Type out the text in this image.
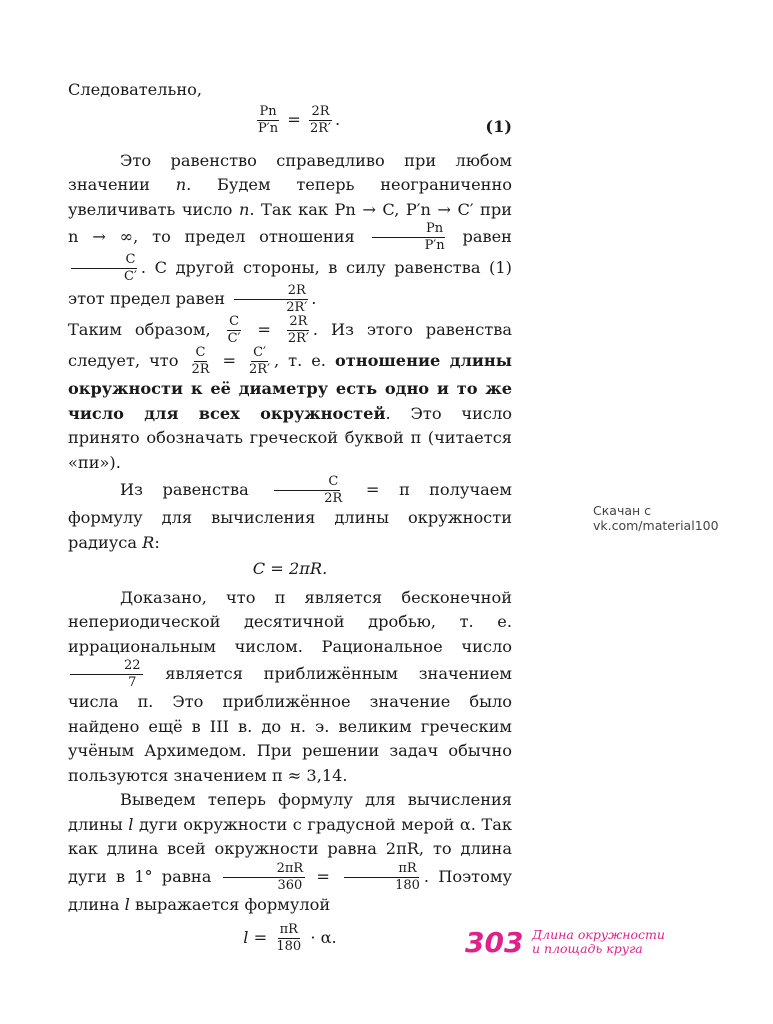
Следовательно,

$\frac{Pn}{P'n} = \frac{2R}{2R'}$ .	(1)

Это равенство справедливо при любом значении n. Будем теперь неограниченно увеличивать число n. Так как Pn → C, P′n → C′ при n → ∞, то предел отношения $\frac{Pn}{P'n}$ равен
$\frac{C}{C'}$ . С другой стороны, в силу равенства (1) этот предел равен $\frac{2R}{2R'}$ .

Таким образом, $\frac{C}{C'} = \frac{2R}{2R'}$ . Из этого равенства следует, что $\frac{C}{2R} = \frac{C'}{2R'}$ , т. е. отношение длины окружности к её диаметру есть одно и то же число для всех окружностей. Это число принято обозначать греческой буквой π (читается «пи»).

Из равенства $\frac{C}{2R} = \pi$ получаем формулу для вычисления длины окружности радиуса R:

C = 2πR.

Доказано, что π является бесконечной непериодической десятичной дробью, т. е. иррациональным числом. Рациональное число
$\frac{22}{7}$ является приближённым значением числа π. Это приближённое значение было найдено ещё в III в. до н. э. великим греческим учёным Архимедом. При решении задач обычно пользуются значением π ≈ 3,14.

Выведем теперь формулу для вычисления длины l дуги окружности с градусной мерой α. Так как длина всей окружности равна 2πR, то длина дуги в 1° равна $\frac{2\pi R}{360} = \frac{\pi R}{180}$ . Поэтому длина l выражается формулой

$l = \frac{\pi R}{180} \cdot \alpha$.
Скачан с vk.com/material100
303 Длина окружности
и площадь круга
